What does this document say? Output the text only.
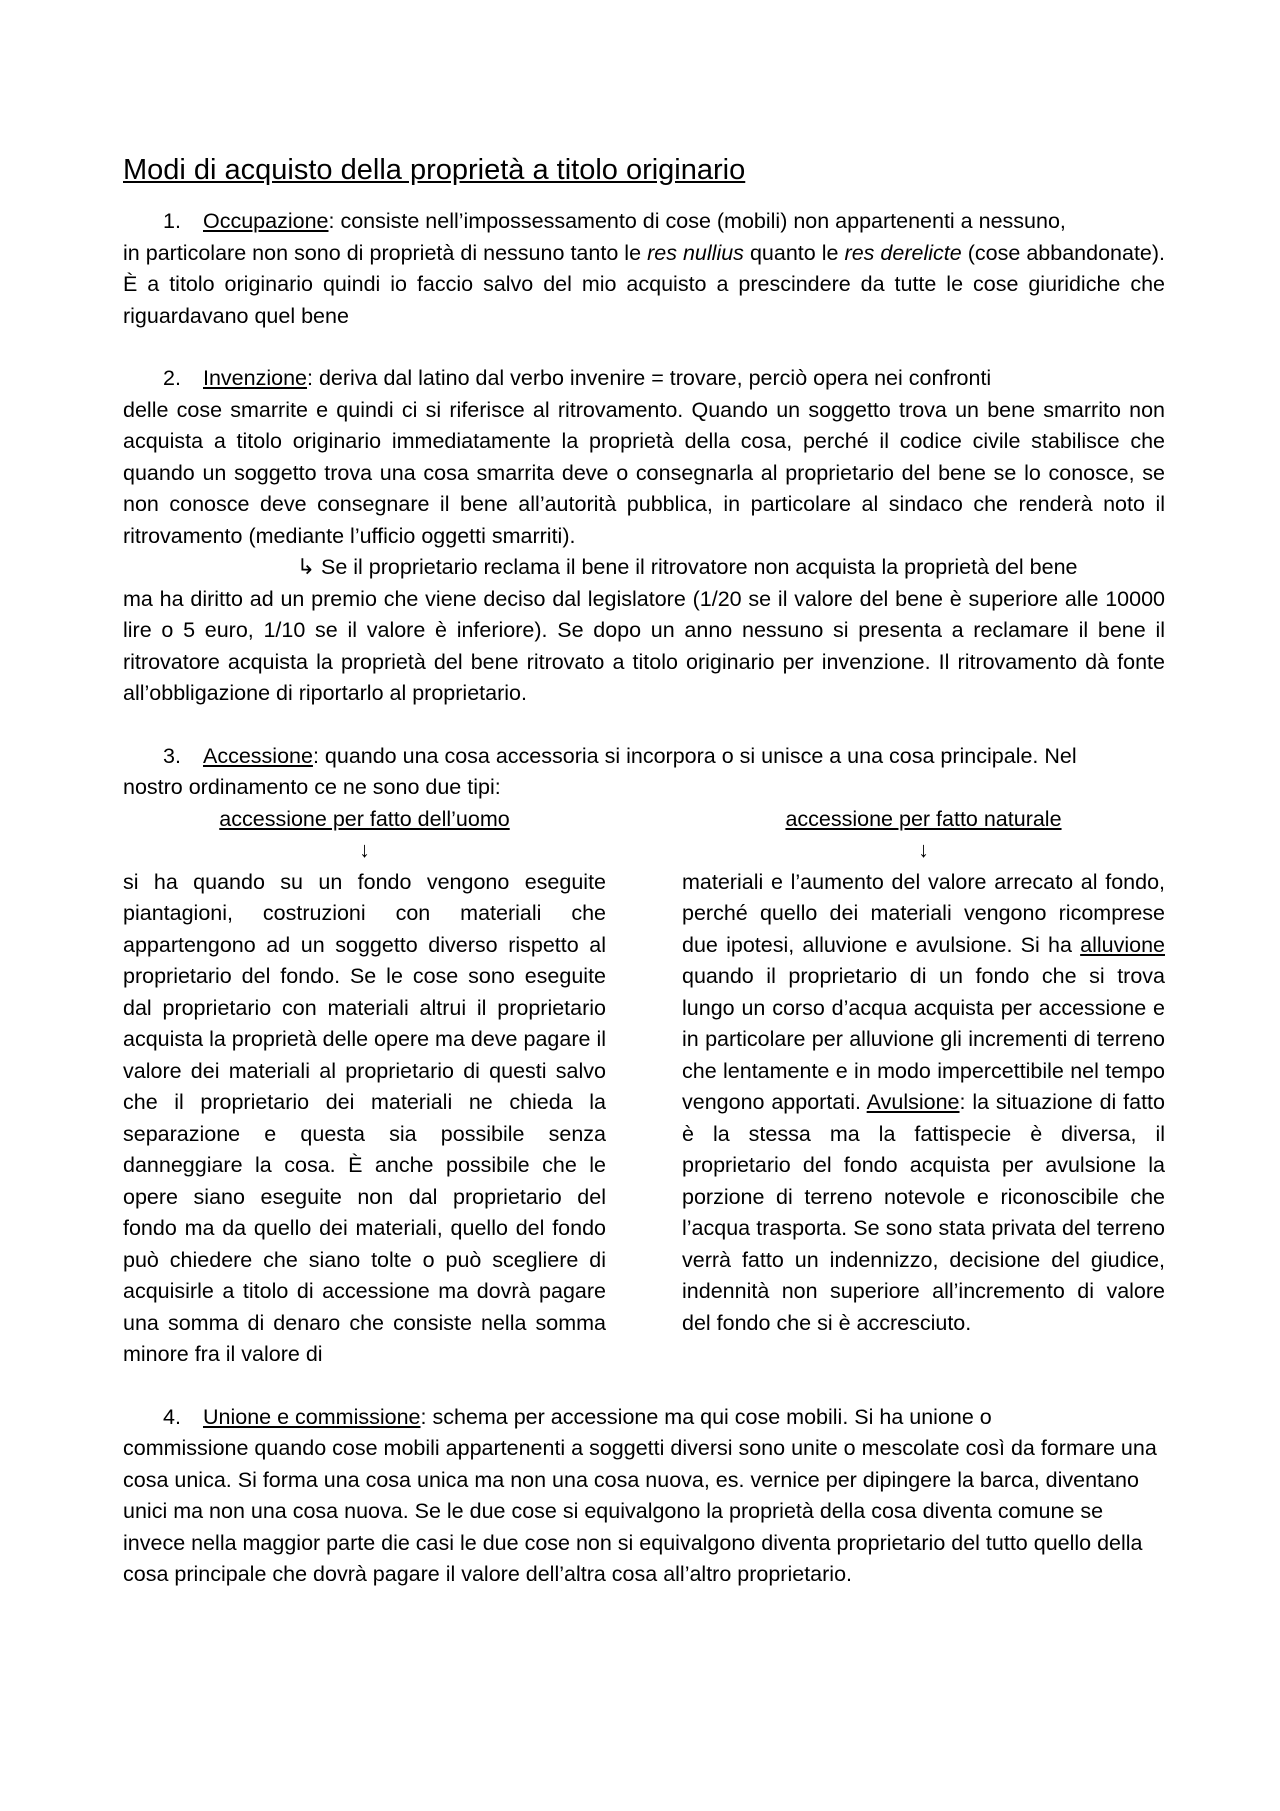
Modi di acquisto della proprietà a titolo originario

1. Occupazione: consiste nell’impossessamento di cose (mobili) non appartenenti a nessuno,

in particolare non sono di proprietà di nessuno tanto le res nullius quanto le res derelicte (cose abbandonate). È a titolo originario quindi io faccio salvo del mio acquisto a prescindere da tutte le cose giuridiche che riguardavano quel bene

2. Invenzione: deriva dal latino dal verbo invenire = trovare, perciò opera nei confronti

delle cose smarrite e quindi ci si riferisce al ritrovamento. Quando un soggetto trova un bene smarrito non acquista a titolo originario immediatamente la proprietà della cosa, perché il codice civile stabilisce che quando un soggetto trova una cosa smarrita deve o consegnarla al proprietario del bene se lo conosce, se non conosce deve consegnare il bene all’autorità pubblica, in particolare al sindaco che renderà noto il ritrovamento (mediante l’ufficio oggetti smarriti).

↳ Se il proprietario reclama il bene il ritrovatore non acquista la proprietà del bene

ma ha diritto ad un premio che viene deciso dal legislatore (1/20 se il valore del bene è superiore alle 10000 lire o 5 euro, 1/10 se il valore è inferiore). Se dopo un anno nessuno si presenta a reclamare il bene il ritrovatore acquista la proprietà del bene ritrovato a titolo originario per invenzione. Il ritrovamento dà fonte all’obbligazione di riportarlo al proprietario.

3. Accessione: quando una cosa accessoria si incorpora o si unisce a una cosa principale. Nel

nostro ordinamento ce ne sono due tipi:

accessione per fatto dell’uomo

↓

si ha quando su un fondo vengono eseguite piantagioni, costruzioni con materiali che appartengono ad un soggetto diverso rispetto al proprietario del fondo. Se le cose sono eseguite dal proprietario con materiali altrui il proprietario acquista la proprietà delle opere ma deve pagare il valore dei materiali al proprietario di questi salvo che il proprietario dei materiali ne chieda la separazione e questa sia possibile senza danneggiare la cosa. È anche possibile che le opere siano eseguite non dal proprietario del fondo ma da quello dei materiali, quello del fondo può chiedere che siano tolte o può scegliere di acquisirle a titolo di accessione ma dovrà pagare una somma di denaro che consiste nella somma minore fra il valore di

accessione per fatto naturale

↓

materiali e l’aumento del valore arrecato al fondo, perché quello dei materiali vengono ricomprese due ipotesi, alluvione e avulsione. Si ha alluvione quando il proprietario di un fondo che si trova lungo un corso d’acqua acquista per accessione e in particolare per alluvione gli incrementi di terreno che lentamente e in modo impercettibile nel tempo vengono apportati. Avulsione: la situazione di fatto è la stessa ma la fattispecie è diversa, il proprietario del fondo acquista per avulsione la porzione di terreno notevole e riconoscibile che l’acqua trasporta. Se sono stata privata del terreno verrà fatto un indennizzo, decisione del giudice, indennità non superiore all’incremento di valore del fondo che si è accresciuto.

4. Unione e commissione: schema per accessione ma qui cose mobili. Si ha unione o

commissione quando cose mobili appartenenti a soggetti diversi sono unite o mescolate così da formare una cosa unica. Si forma una cosa unica ma non una cosa nuova, es. vernice per dipingere la barca, diventano unici ma non una cosa nuova. Se le due cose si equivalgono la proprietà della cosa diventa comune se invece nella maggior parte die casi le due cose non si equivalgono diventa proprietario del tutto quello della cosa principale che dovrà pagare il valore dell’altra cosa all’altro proprietario.
